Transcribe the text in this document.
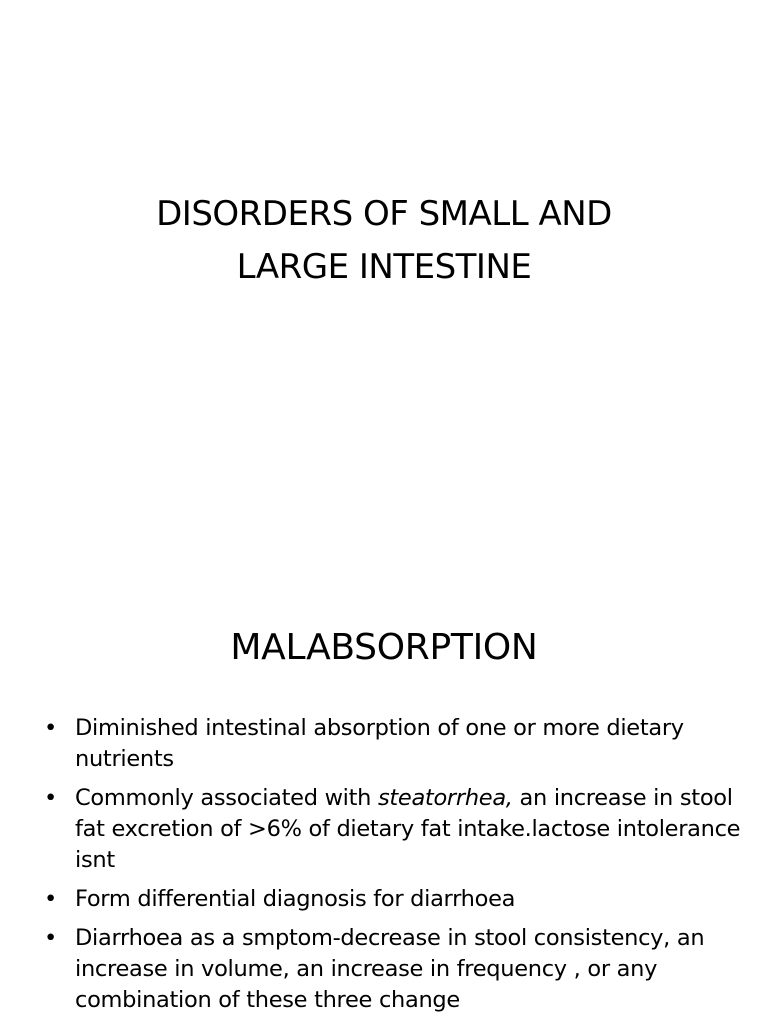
DISORDERS OF SMALL AND
LARGE INTESTINE
MALABSORPTION
• Diminished intestinal absorption of one or more dietary nutrients
• Commonly associated with steatorrhea, an increase in stool fat excretion of >6% of dietary fat intake.lactose intolerance isnt
• Form differential diagnosis for diarrhoea
• Diarrhoea as a smptom-decrease in stool consistency, an increase in volume, an increase in frequency , or any combination of these three change
